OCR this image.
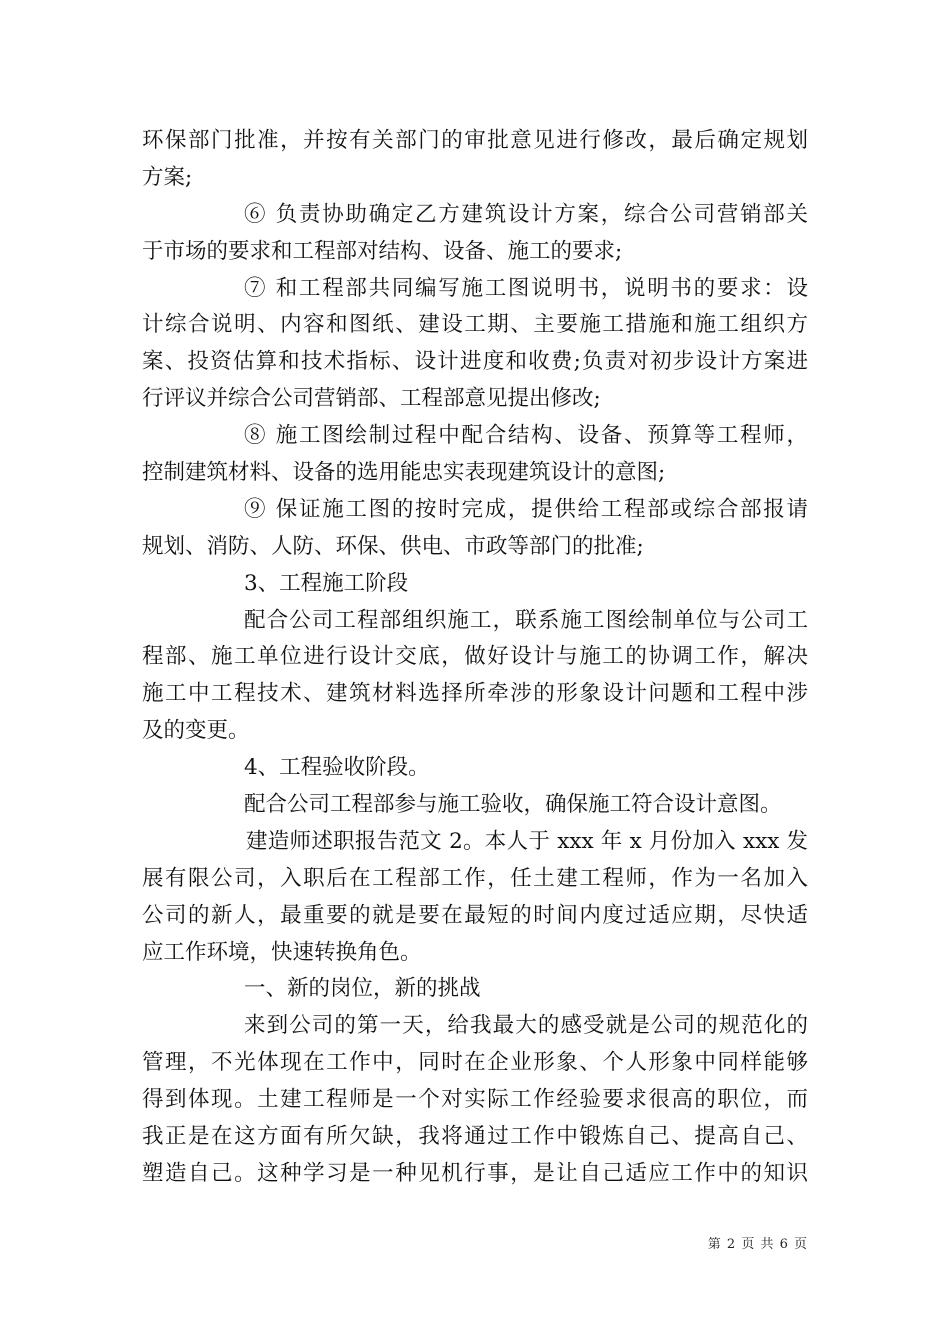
环保部门批准，并按有关部门的审批意见进行修改，最后确定规划
方案;
⑥ 负责协助确定乙方建筑设计方案，综合公司营销部关
于市场的要求和工程部对结构、设备、施工的要求;
⑦ 和工程部共同编写施工图说明书，说明书的要求：设
计综合说明、内容和图纸、建设工期、主要施工措施和施工组织方
案、投资估算和技术指标、设计进度和收费;负责对初步设计方案进
行评议并综合公司营销部、工程部意见提出修改;
⑧ 施工图绘制过程中配合结构、设备、预算等工程师，
控制建筑材料、设备的选用能忠实表现建筑设计的意图;
⑨ 保证施工图的按时完成，提供给工程部或综合部报请
规划、消防、人防、环保、供电、市政等部门的批准;
3、工程施工阶段
配合公司工程部组织施工，联系施工图绘制单位与公司工
程部、施工单位进行设计交底，做好设计与施工的协调工作，解决
施工中工程技术、建筑材料选择所牵涉的形象设计问题和工程中涉
及的变更。
4、工程验收阶段。
配合公司工程部参与施工验收，确保施工符合设计意图。
建造师述职报告范文 2。本人于 xxx 年 x 月份加入 xxx 发
展有限公司，入职后在工程部工作，任土建工程师，作为一名加入
公司的新人，最重要的就是要在最短的时间内度过适应期，尽快适
应工作环境，快速转换角色。
一、新的岗位，新的挑战
来到公司的第一天，给我最大的感受就是公司的规范化的
管理，不光体现在工作中，同时在企业形象、个人形象中同样能够
得到体现。土建工程师是一个对实际工作经验要求很高的职位，而
我正是在这方面有所欠缺，我将通过工作中锻炼自己、提高自己、
塑造自己。这种学习是一种见机行事，是让自己适应工作中的知识
第 2 页 共 6 页
